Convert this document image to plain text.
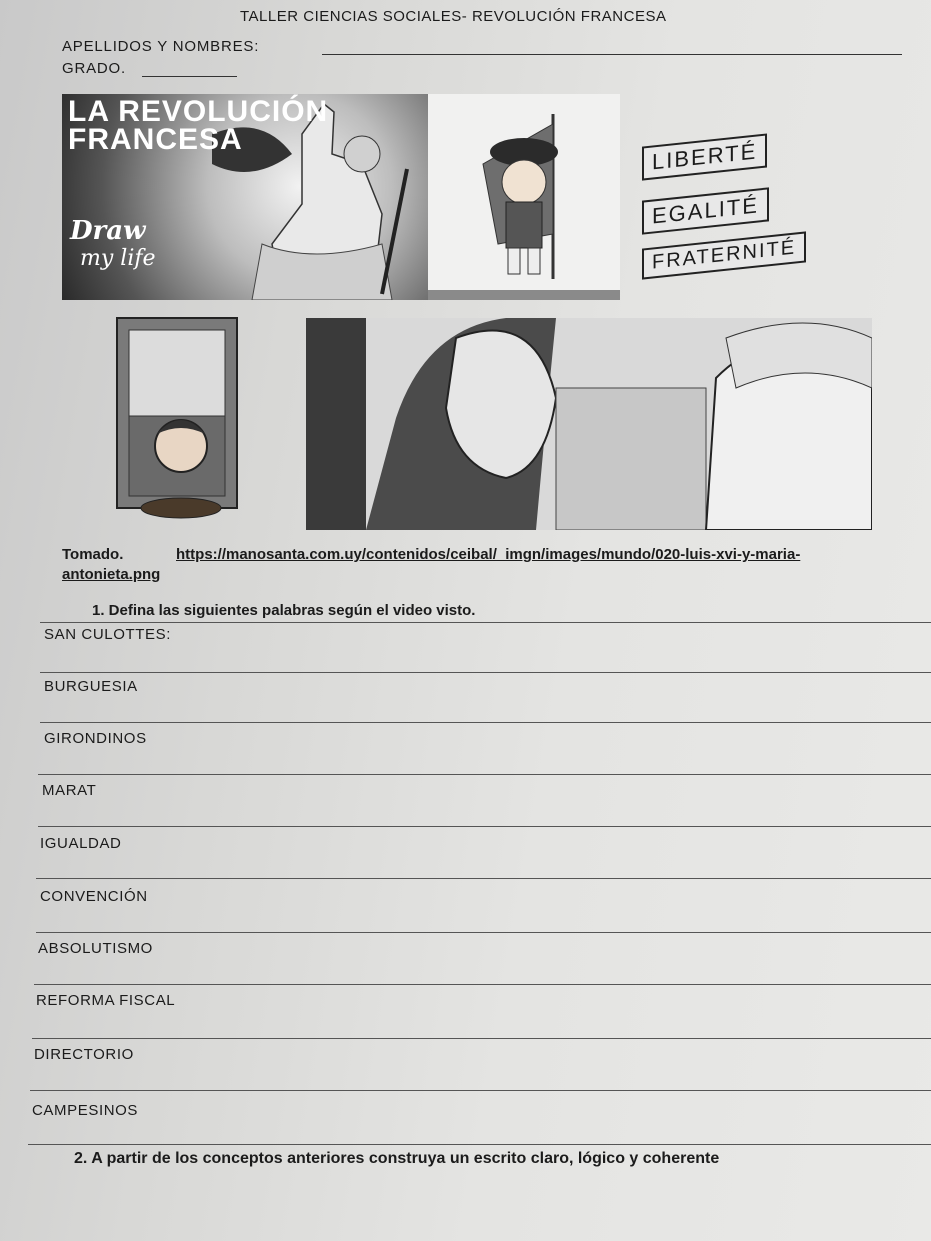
TALLER CIENCIAS SOCIALES- REVOLUCIÓN FRANCESA
APELLIDOS Y NOMBRES:
GRADO.
LA REVOLUCIÓN
FRANCESA
Draw
my life
LIBERTÉ
EGALITÉ
FRATERNITÉ
Tomado.	https://manosanta.com.uy/contenidos/ceibal/_imgn/images/mundo/020-luis-xvi-y-maria-
antonieta.png
1. Defina las siguientes palabras según el video visto.
SAN CULOTTES:
BURGUESIA
GIRONDINOS
MARAT
IGUALDAD
CONVENCIÓN
ABSOLUTISMO
REFORMA FISCAL
DIRECTORIO
CAMPESINOS
2. A partir de los conceptos anteriores construya un escrito claro, lógico y coherente
